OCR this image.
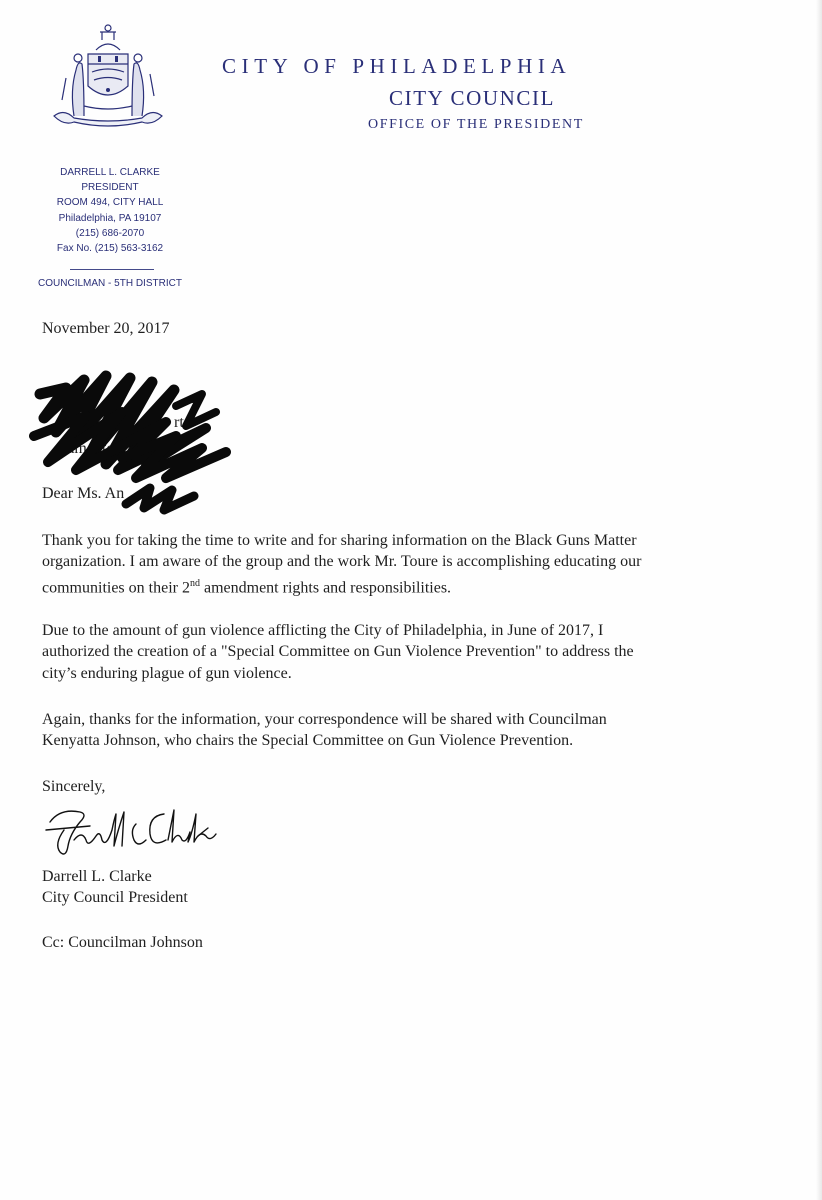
CITY OF PHILADELPHIA
CITY COUNCIL
OFFICE OF THE PRESIDENT
DARRELL L. CLARKE
PRESIDENT
ROOM 494, CITY HALL
Philadelphia, PA 19107
(215) 686-2070
Fax No. (215) 563-3162
COUNCILMAN - 5TH DISTRICT
November 20, 2017
M	n
rt
ramento	o
Dear Ms. An
Thank you for taking the time to write and for sharing information on the Black Guns Matter
organization. I am aware of the group and the work Mr. Toure is accomplishing educating our
communities on their 2nd amendment rights and responsibilities.
Due to the amount of gun violence afflicting the City of Philadelphia, in June of 2017, I
authorized the creation of a "Special Committee on Gun Violence Prevention" to address the
city’s enduring plague of gun violence.
Again, thanks for the information, your correspondence will be shared with Councilman
Kenyatta Johnson, who chairs the Special Committee on Gun Violence Prevention.
Sincerely,
Darrell L. Clarke
City Council President
Cc: Councilman Johnson
